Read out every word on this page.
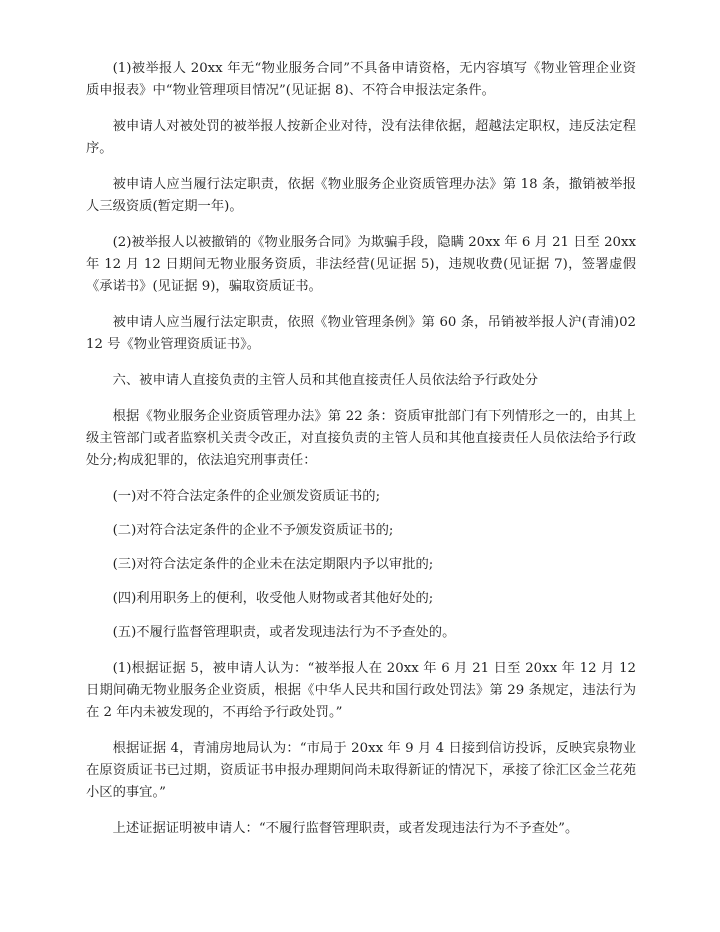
(1)被举报人 20xx 年无“物业服务合同”不具备申请资格，无内容填写《物业管理企业资质申报表》中“物业管理项目情况”(见证据 8)、不符合申报法定条件。

被申请人对被处罚的被举报人按新企业对待，没有法律依据，超越法定职权，违反法定程序。

被申请人应当履行法定职责，依据《物业服务企业资质管理办法》第 18 条，撤销被举报人三级资质(暂定期一年)。

(2)被举报人以被撤销的《物业服务合同》为欺骗手段，隐瞒 20xx 年 6 月 21 日至 20xx 年 12 月 12 日期间无物业服务资质，非法经营(见证据 5)，违规收费(见证据 7)，签署虚假《承诺书》(见证据 9)，骗取资质证书。

被申请人应当履行法定职责，依照《物业管理条例》第 60 条，吊销被举报人沪(青浦)0212 号《物业管理资质证书》。

六、被申请人直接负责的主管人员和其他直接责任人员依法给予行政处分

根据《物业服务企业资质管理办法》第 22 条：资质审批部门有下列情形之一的，由其上级主管部门或者监察机关责令改正，对直接负责的主管人员和其他直接责任人员依法给予行政处分;构成犯罪的，依法追究刑事责任：

(一)对不符合法定条件的企业颁发资质证书的;

(二)对符合法定条件的企业不予颁发资质证书的;

(三)对符合法定条件的企业未在法定期限内予以审批的;

(四)利用职务上的便利，收受他人财物或者其他好处的;

(五)不履行监督管理职责，或者发现违法行为不予查处的。

(1)根据证据 5，被申请人认为：“被举报人在 20xx 年 6 月 21 日至 20xx 年 12 月 12 日期间确无物业服务企业资质，根据《中华人民共和国行政处罚法》第 29 条规定，违法行为在 2 年内未被发现的，不再给予行政处罚。”

根据证据 4，青浦房地局认为：“市局于 20xx 年 9 月 4 日接到信访投诉，反映宾泉物业在原资质证书已过期，资质证书申报办理期间尚未取得新证的情况下，承接了徐汇区金兰花苑小区的事宜。”

上述证据证明被申请人：“不履行监督管理职责，或者发现违法行为不予查处”。
